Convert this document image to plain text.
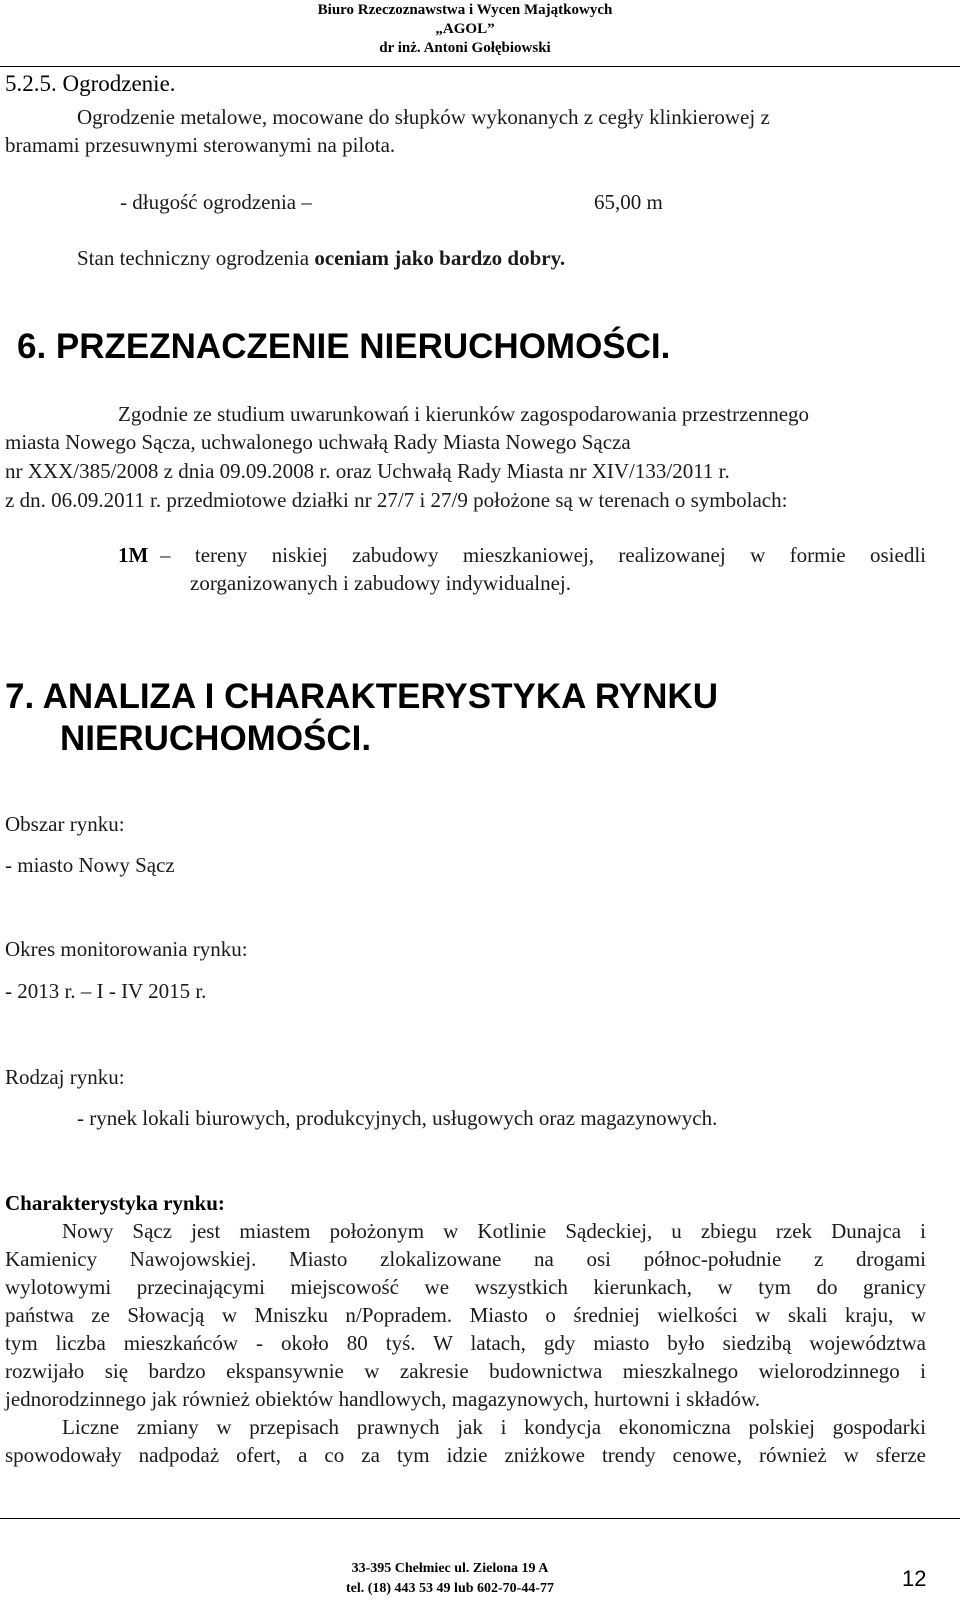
Biuro Rzeczoznawstwa i Wycen Majątkowych
„AGOL”
dr inż. Antoni Gołębiowski
5.2.5. Ogrodzenie.
Ogrodzenie metalowe, mocowane do słupków wykonanych z cegły klinkierowej z
bramami przesuwnymi sterowanymi na pilota.
- długość ogrodzenia –	65,00 m
Stan techniczny ogrodzenia oceniam jako bardzo dobry.
6. PRZEZNACZENIE NIERUCHOMOŚCI.
Zgodnie ze studium uwarunkowań i kierunków zagospodarowania przestrzennego
miasta Nowego Sącza, uchwalonego uchwałą Rady Miasta Nowego Sącza
nr XXX/385/2008 z dnia 09.09.2008 r. oraz Uchwałą Rady Miasta nr XIV/133/2011 r.
z dn. 06.09.2011 r. przedmiotowe działki nr 27/7 i 27/9 położone są w terenach o symbolach:
1M – tereny niskiej zabudowy mieszkaniowej, realizowanej w formie osiedli
zorganizowanych i zabudowy indywidualnej.
7. ANALIZA I CHARAKTERYSTYKA RYNKU
NIERUCHOMOŚCI.
Obszar rynku:
- miasto Nowy Sącz
Okres monitorowania rynku:
- 2013 r. – I - IV 2015 r.
Rodzaj rynku:
- rynek lokali biurowych, produkcyjnych, usługowych oraz magazynowych.
Charakterystyka rynku:
Nowy Sącz jest miastem położonym w Kotlinie Sądeckiej, u zbiegu rzek Dunajca i
Kamienicy Nawojowskiej. Miasto zlokalizowane na osi północ-południe z drogami
wylotowymi przecinającymi miejscowość we wszystkich kierunkach, w tym do granicy
państwa ze Słowacją w Mniszku n/Popradem. Miasto o średniej wielkości w skali kraju, w
tym liczba mieszkańców - około 80 tyś. W latach, gdy miasto było siedzibą województwa
rozwijało się bardzo ekspansywnie w zakresie budownictwa mieszkalnego wielorodzinnego i
jednorodzinnego jak również obiektów handlowych, magazynowych, hurtowni i składów.
Liczne zmiany w przepisach prawnych jak i kondycja ekonomiczna polskiej gospodarki
spowodowały nadpodaż ofert, a co za tym idzie zniżkowe trendy cenowe, również w sferze
33-395 Chełmiec ul. Zielona 19 A
tel. (18) 443 53 49 lub 602-70-44-77	12
